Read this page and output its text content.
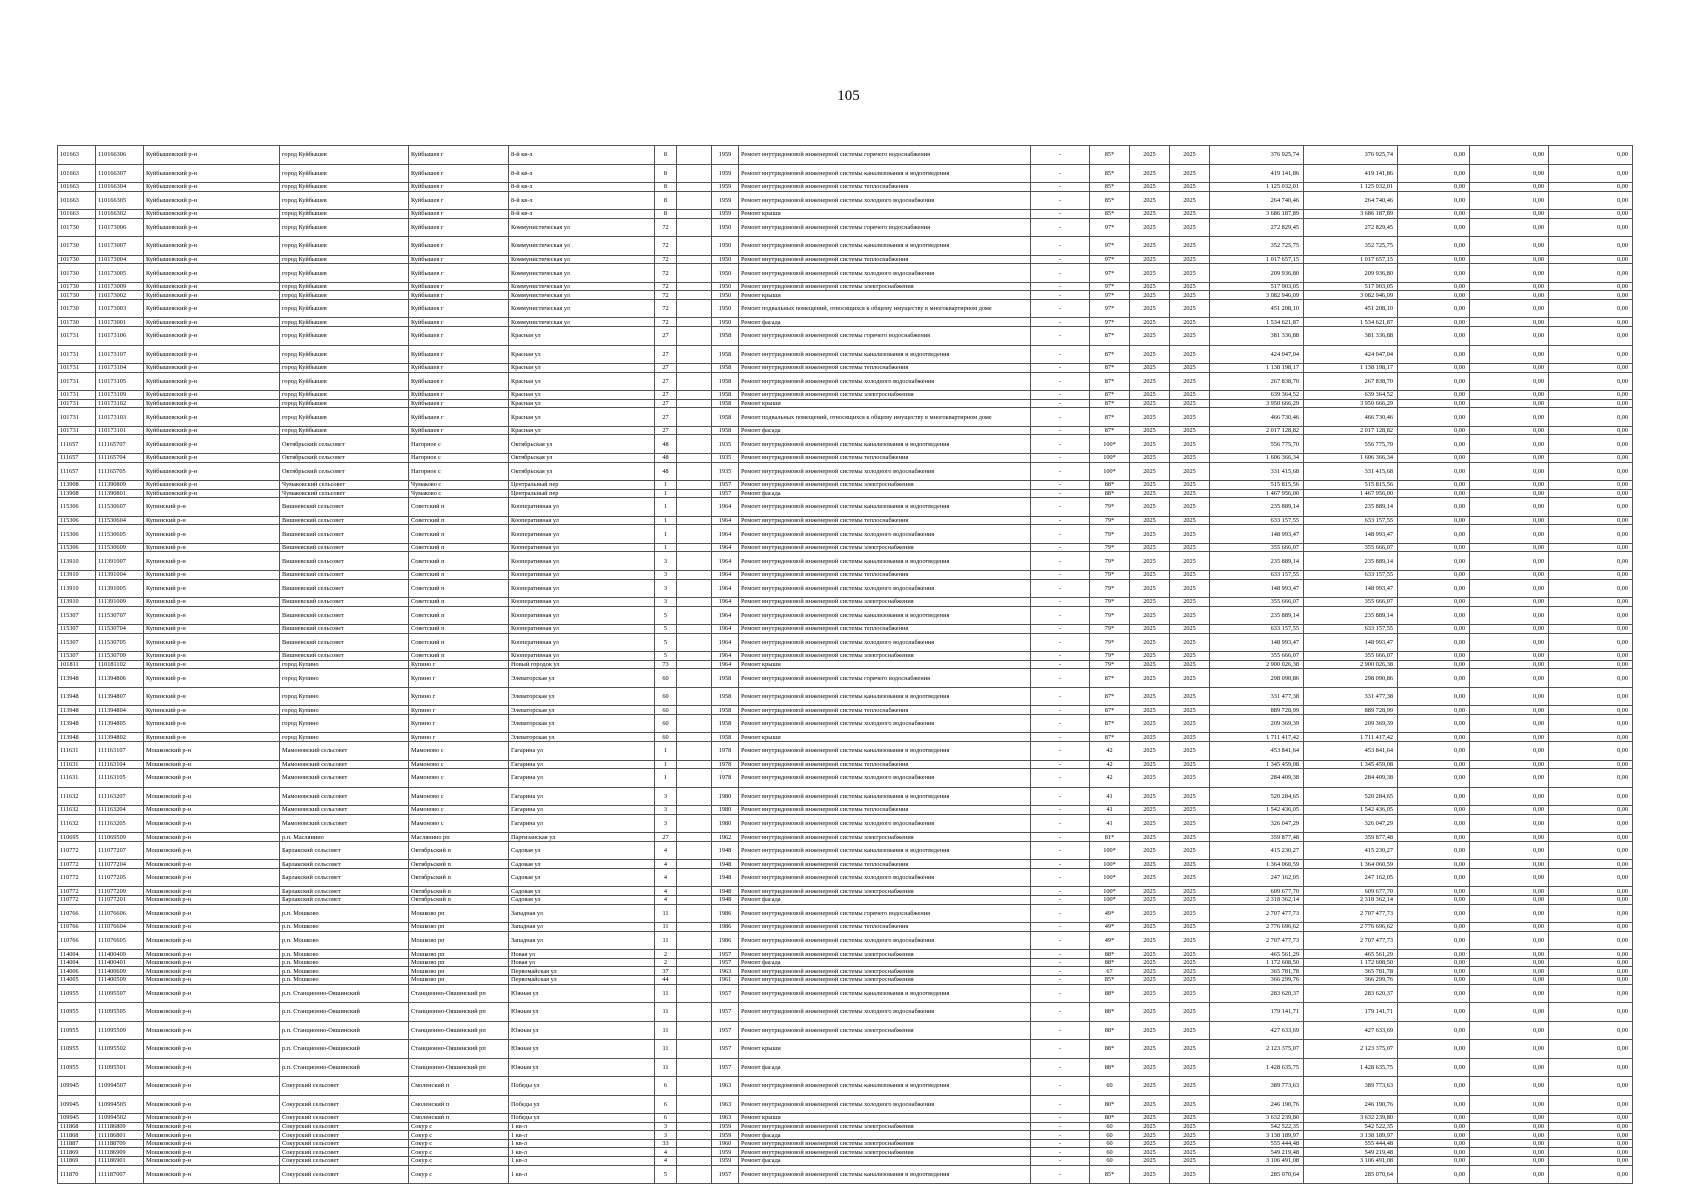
105
101663	110166306	Куйбышевский р-н	город Куйбышев	Куйбышев г	8-й кв-л	8		1959	Ремонт внутридомовой инженерной системы горячего водоснабжения	-	85*	2025	2025	376 925,74	376 925,74	0,00	0,00	0,00
101663	110166307	Куйбышевский р-н	город Куйбышев	Куйбышев г	8-й кв-л	8		1959	Ремонт внутридомовой инженерной системы канализования и водоотведения	-	85*	2025	2025	419 141,86	419 141,86	0,00	0,00	0,00
101663	110166304	Куйбышевский р-н	город Куйбышев	Куйбышев г	8-й кв-л	8		1959	Ремонт внутридомовой инженерной системы теплоснабжения	-	85*	2025	2025	1 125 032,01	1 125 032,01	0,00	0,00	0,00
101663	110166305	Куйбышевский р-н	город Куйбышев	Куйбышев г	8-й кв-л	8		1959	Ремонт внутридомовой инженерной системы холодного водоснабжения	-	85*	2025	2025	264 740,46	264 740,46	0,00	0,00	0,00
101663	110166302	Куйбышевский р-н	город Куйбышев	Куйбышев г	8-й кв-л	8		1959	Ремонт крыши	-	85*	2025	2025	3 686 187,89	3 686 187,89	0,00	0,00	0,00
101730	110173006	Куйбышевский р-н	город Куйбышев	Куйбышев г	Коммунистическая ул	72		1950	Ремонт внутридомовой инженерной системы горячего водоснабжения	-	97*	2025	2025	272 829,45	272 829,45	0,00	0,00	0,00
101730	110173007	Куйбышевский р-н	город Куйбышев	Куйбышев г	Коммунистическая ул	72		1950	Ремонт внутридомовой инженерной системы канализования и водоотведения	-	97*	2025	2025	352 725,75	352 725,75	0,00	0,00	0,00
101730	110173004	Куйбышевский р-н	город Куйбышев	Куйбышев г	Коммунистическая ул	72		1950	Ремонт внутридомовой инженерной системы теплоснабжения	-	97*	2025	2025	1 017 657,15	1 017 657,15	0,00	0,00	0,00
101730	110173005	Куйбышевский р-н	город Куйбышев	Куйбышев г	Коммунистическая ул	72		1950	Ремонт внутридомовой инженерной системы холодного водоснабжения	-	97*	2025	2025	209 936,80	209 936,80	0,00	0,00	0,00
101730	110173009	Куйбышевский р-н	город Куйбышев	Куйбышев г	Коммунистическая ул	72		1950	Ремонт внутридомовой инженерной системы электроснабжения	-	97*	2025	2025	517 903,05	517 903,05	0,00	0,00	0,00
101730	110173002	Куйбышевский р-н	город Куйбышев	Куйбышев г	Коммунистическая ул	72		1950	Ремонт крыши	-	97*	2025	2025	3 082 946,09	3 082 946,09	0,00	0,00	0,00
101730	110173003	Куйбышевский р-н	город Куйбышев	Куйбышев г	Коммунистическая ул	72		1950	Ремонт подвальных помещений, относящихся к общему имуществу в многоквартирном доме	-	97*	2025	2025	451 208,10	451 208,10	0,00	0,00	0,00
101730	110173001	Куйбышевский р-н	город Куйбышев	Куйбышев г	Коммунистическая ул	72		1950	Ремонт фасада	-	97*	2025	2025	1 534 621,87	1 534 621,87	0,00	0,00	0,00
101731	110173106	Куйбышевский р-н	город Куйбышев	Куйбышев г	Красная ул	27		1958	Ремонт внутридомовой инженерной системы горячего водоснабжения	-	87*	2025	2025	381 336,88	381 336,88	0,00	0,00	0,00
101731	110173107	Куйбышевский р-н	город Куйбышев	Куйбышев г	Красная ул	27		1958	Ремонт внутридомовой инженерной системы канализования и водоотведения	-	87*	2025	2025	424 047,04	424 047,04	0,00	0,00	0,00
101731	110173104	Куйбышевский р-н	город Куйбышев	Куйбышев г	Красная ул	27		1958	Ремонт внутридомовой инженерной системы теплоснабжения	-	87*	2025	2025	1 138 198,17	1 138 198,17	0,00	0,00	0,00
101731	110173105	Куйбышевский р-н	город Куйбышев	Куйбышев г	Красная ул	27		1958	Ремонт внутридомовой инженерной системы холодного водоснабжения	-	87*	2025	2025	267 838,70	267 838,70	0,00	0,00	0,00
101731	110173109	Куйбышевский р-н	город Куйбышев	Куйбышев г	Красная ул	27		1958	Ремонт внутридомовой инженерной системы электроснабжения	-	87*	2025	2025	639 364,52	639 364,52	0,00	0,00	0,00
101731	110173102	Куйбышевский р-н	город Куйбышев	Куйбышев г	Красная ул	27		1958	Ремонт крыши	-	87*	2025	2025	3 950 666,29	3 950 666,29	0,00	0,00	0,00
101731	110173103	Куйбышевский р-н	город Куйбышев	Куйбышев г	Красная ул	27		1958	Ремонт подвальных помещений, относящихся к общему имуществу в многоквартирном доме	-	87*	2025	2025	466 730,46	466 730,46	0,00	0,00	0,00
101731	110173101	Куйбышевский р-н	город Куйбышев	Куйбышев г	Красная ул	27		1958	Ремонт фасада	-	87*	2025	2025	2 017 128,82	2 017 128,82	0,00	0,00	0,00
111657	111165707	Куйбышевский р-н	Октябрьский сельсовет	Нагорное с	Октябрьская ул	48		1935	Ремонт внутридомовой инженерной системы канализования и водоотведения	-	100*	2025	2025	556 775,70	556 775,70	0,00	0,00	0,00
111657	111165704	Куйбышевский р-н	Октябрьский сельсовет	Нагорное с	Октябрьская ул	48		1935	Ремонт внутридомовой инженерной системы теплоснабжения	-	100*	2025	2025	1 606 366,34	1 606 366,34	0,00	0,00	0,00
111657	111165705	Куйбышевский р-н	Октябрьский сельсовет	Нагорное с	Октябрьская ул	48		1935	Ремонт внутридомовой инженерной системы холодного водоснабжения	-	100*	2025	2025	331 415,68	331 415,68	0,00	0,00	0,00
113908	111390809	Куйбышевский р-н	Чумаковский сельсовет	Чумаково с	Центральный пер	1		1957	Ремонт внутридомовой инженерной системы электроснабжения	-	88*	2025	2025	515 815,56	515 815,56	0,00	0,00	0,00
113908	111390801	Куйбышевский р-н	Чумаковский сельсовет	Чумаково с	Центральный пер	1		1957	Ремонт фасада	-	88*	2025	2025	1 467 956,00	1 467 956,00	0,00	0,00	0,00
115306	111530607	Купинский р-н	Вишневский сельсовет	Советский п	Кооперативная ул	1		1964	Ремонт внутридомовой инженерной системы канализования и водоотведения	-	79*	2025	2025	235 889,14	235 889,14	0,00	0,00	0,00
115306	111530604	Купинский р-н	Вишневский сельсовет	Советский п	Кооперативная ул	1		1964	Ремонт внутридомовой инженерной системы теплоснабжения	-	79*	2025	2025	633 157,55	633 157,55	0,00	0,00	0,00
115306	111530605	Купинский р-н	Вишневский сельсовет	Советский п	Кооперативная ул	1		1964	Ремонт внутридомовой инженерной системы холодного водоснабжения	-	79*	2025	2025	148 993,47	148 993,47	0,00	0,00	0,00
115306	111530609	Купинский р-н	Вишневский сельсовет	Советский п	Кооперативная ул	1		1964	Ремонт внутридомовой инженерной системы электроснабжения	-	79*	2025	2025	355 666,07	355 666,07	0,00	0,00	0,00
113910	111391007	Купинский р-н	Вишневский сельсовет	Советский п	Кооперативная ул	3		1964	Ремонт внутридомовой инженерной системы канализования и водоотведения	-	79*	2025	2025	235 889,14	235 889,14	0,00	0,00	0,00
113910	111391004	Купинский р-н	Вишневский сельсовет	Советский п	Кооперативная ул	3		1964	Ремонт внутридомовой инженерной системы теплоснабжения	-	79*	2025	2025	633 157,55	633 157,55	0,00	0,00	0,00
113910	111391005	Купинский р-н	Вишневский сельсовет	Советский п	Кооперативная ул	3		1964	Ремонт внутридомовой инженерной системы холодного водоснабжения	-	79*	2025	2025	148 993,47	148 993,47	0,00	0,00	0,00
113910	111391009	Купинский р-н	Вишневский сельсовет	Советский п	Кооперативная ул	3		1964	Ремонт внутридомовой инженерной системы электроснабжения	-	79*	2025	2025	355 666,07	355 666,07	0,00	0,00	0,00
115307	111530707	Купинский р-н	Вишневский сельсовет	Советский п	Кооперативная ул	5		1964	Ремонт внутридомовой инженерной системы канализования и водоотведения	-	79*	2025	2025	235 889,14	235 889,14	0,00	0,00	0,00
115307	111530704	Купинский р-н	Вишневский сельсовет	Советский п	Кооперативная ул	5		1964	Ремонт внутридомовой инженерной системы теплоснабжения	-	79*	2025	2025	633 157,55	633 157,55	0,00	0,00	0,00
115307	111530705	Купинский р-н	Вишневский сельсовет	Советский п	Кооперативная ул	5		1964	Ремонт внутридомовой инженерной системы холодного водоснабжения	-	79*	2025	2025	148 993,47	148 993,47	0,00	0,00	0,00
115307	111530709	Купинский р-н	Вишневский сельсовет	Советский п	Кооперативная ул	5		1964	Ремонт внутридомовой инженерной системы электроснабжения	-	79*	2025	2025	355 666,07	355 666,07	0,00	0,00	0,00
101811	110181102	Купинский р-н	город Купино	Купино г	Новый городок ул	73		1964	Ремонт крыши	-	79*	2025	2025	2 900 026,38	2 900 026,38	0,00	0,00	0,00
113948	111394806	Купинский р-н	город Купино	Купино г	Элеваторская ул	60		1958	Ремонт внутридомовой инженерной системы горячего водоснабжения	-	87*	2025	2025	298 090,86	298 090,86	0,00	0,00	0,00
113948	111394807	Купинский р-н	город Купино	Купино г	Элеваторская ул	60		1958	Ремонт внутридомовой инженерной системы канализования и водоотведения	-	87*	2025	2025	331 477,38	331 477,38	0,00	0,00	0,00
113948	111394804	Купинский р-н	город Купино	Купино г	Элеваторская ул	60		1958	Ремонт внутридомовой инженерной системы теплоснабжения	-	87*	2025	2025	889 728,99	889 728,99	0,00	0,00	0,00
113948	111394805	Купинский р-н	город Купино	Купино г	Элеваторская ул	60		1958	Ремонт внутридомовой инженерной системы холодного водоснабжения	-	87*	2025	2025	209 369,39	209 369,39	0,00	0,00	0,00
113948	111394802	Купинский р-н	город Купино	Купино г	Элеваторская ул	60		1958	Ремонт крыши	-	87*	2025	2025	1 711 417,42	1 711 417,42	0,00	0,00	0,00
111631	111163107	Мошковский р-н	Мамоновский сельсовет	Мамоново с	Гагарина ул	1		1978	Ремонт внутридомовой инженерной системы канализования и водоотведения	-	42	2025	2025	453 841,64	453 841,64	0,00	0,00	0,00
111631	111163104	Мошковский р-н	Мамоновский сельсовет	Мамоново с	Гагарина ул	1		1978	Ремонт внутридомовой инженерной системы теплоснабжения	-	42	2025	2025	1 345 459,08	1 345 459,08	0,00	0,00	0,00
111631	111163105	Мошковский р-н	Мамоновский сельсовет	Мамоново с	Гагарина ул	1		1978	Ремонт внутридомовой инженерной системы холодного водоснабжения	-	42	2025	2025	284 409,38	284 409,38	0,00	0,00	0,00
111632	111163207	Мошковский р-н	Мамоновский сельсовет	Мамоново с	Гагарина ул	3		1980	Ремонт внутридомовой инженерной системы канализования и водоотведения	-	41	2025	2025	520 284,65	520 284,65	0,00	0,00	0,00
111632	111163204	Мошковский р-н	Мамоновский сельсовет	Мамоново с	Гагарина ул	3		1980	Ремонт внутридомовой инженерной системы теплоснабжения	-	41	2025	2025	1 542 436,05	1 542 436,05	0,00	0,00	0,00
111632	111163205	Мошковский р-н	Мамоновский сельсовет	Мамоново с	Гагарина ул	3		1980	Ремонт внутридомовой инженерной системы холодного водоснабжения	-	41	2025	2025	326 047,29	326 047,29	0,00	0,00	0,00
110695	111069509	Мошковский р-н	р.п. Маслянино	Маслянино рп	Партизанская ул	27		1962	Ремонт внутридомовой инженерной системы электроснабжения	-	81*	2025	2025	359 877,48	359 877,48	0,00	0,00	0,00
110772	111077207	Мошковский р-н	Барлакский сельсовет	Октябрьский п	Садовая ул	4		1948	Ремонт внутридомовой инженерной системы канализования и водоотведения	-	100*	2025	2025	415 230,27	415 230,27	0,00	0,00	0,00
110772	111077204	Мошковский р-н	Барлакский сельсовет	Октябрьский п	Садовая ул	4		1948	Ремонт внутридомовой инженерной системы теплоснабжения	-	100*	2025	2025	1 364 060,59	1 364 060,59	0,00	0,00	0,00
110772	111077205	Мошковский р-н	Барлакский сельсовет	Октябрьский п	Садовая ул	4		1948	Ремонт внутридомовой инженерной системы холодного водоснабжения	-	100*	2025	2025	247 162,05	247 162,05	0,00	0,00	0,00
110772	111077209	Мошковский р-н	Барлакский сельсовет	Октябрьский п	Садовая ул	4		1948	Ремонт внутридомовой инженерной системы электроснабжения	-	100*	2025	2025	609 677,70	609 677,70	0,00	0,00	0,00
110772	111077201	Мошковский р-н	Барлакский сельсовет	Октябрьский п	Садовая ул	4		1948	Ремонт фасада	-	100*	2025	2025	2 318 362,14	2 318 362,14	0,00	0,00	0,00
110766	111076606	Мошковский р-н	р.п. Мошково	Мошково рп	Западная ул	11		1986	Ремонт внутридомовой инженерной системы горячего водоснабжения	-	49*	2025	2025	2 707 477,73	2 707 477,73	0,00	0,00	0,00
110766	111076604	Мошковский р-н	р.п. Мошково	Мошково рп	Западная ул	11		1986	Ремонт внутридомовой инженерной системы теплоснабжения	-	49*	2025	2025	2 776 696,62	2 776 696,62	0,00	0,00	0,00
110766	111076605	Мошковский р-н	р.п. Мошково	Мошково рп	Западная ул	11		1986	Ремонт внутридомовой инженерной системы холодного водоснабжения	-	49*	2025	2025	2 707 477,73	2 707 477,73	0,00	0,00	0,00
114004	111400409	Мошковский р-н	р.п. Мошково	Мошково рп	Новая ул	2		1957	Ремонт внутридомовой инженерной системы электроснабжения	-	88*	2025	2025	465 561,29	465 561,29	0,00	0,00	0,00
114004	111400401	Мошковский р-н	р.п. Мошково	Мошково рп	Новая ул	2		1957	Ремонт фасада	-	88*	2025	2025	1 172 608,50	1 172 608,50	0,00	0,00	0,00
114006	111400609	Мошковский р-н	р.п. Мошково	Мошково рп	Первомайская ул	37		1963	Ремонт внутридомовой инженерной системы электроснабжения	-	67	2025	2025	365 781,78	365 781,78	0,00	0,00	0,00
114005	111400509	Мошковский р-н	р.п. Мошково	Мошково рп	Первомайская ул	44		1961	Ремонт внутридомовой инженерной системы электроснабжения	-	85*	2025	2025	366 299,76	366 299,76	0,00	0,00	0,00
110955	111095507	Мошковский р-н	р.п. Станционно-Ояшинский	Станционно-Ояшинский рп	Южная ул	11		1957	Ремонт внутридомовой инженерной системы канализования и водоотведения	-	88*	2025	2025	283 620,37	283 620,37	0,00	0,00	0,00
110955	111095505	Мошковский р-н	р.п. Станционно-Ояшинский	Станционно-Ояшинский рп	Южная ул	11		1957	Ремонт внутридомовой инженерной системы холодного водоснабжения	-	88*	2025	2025	179 141,71	179 141,71	0,00	0,00	0,00
110955	111095509	Мошковский р-н	р.п. Станционно-Ояшинский	Станционно-Ояшинский рп	Южная ул	11		1957	Ремонт внутридомовой инженерной системы электроснабжения	-	88*	2025	2025	427 633,69	427 633,69	0,00	0,00	0,00
110955	111095502	Мошковский р-н	р.п. Станционно-Ояшинский	Станционно-Ояшинский рп	Южная ул	11		1957	Ремонт крыши	-	88*	2025	2025	2 123 375,07	2 123 375,07	0,00	0,00	0,00
110955	111095501	Мошковский р-н	р.п. Станционно-Ояшинский	Станционно-Ояшинский рп	Южная ул	11		1957	Ремонт фасада	-	88*	2025	2025	1 428 635,75	1 428 635,75	0,00	0,00	0,00
109945	110994507	Мошковский р-н	Сокурский сельсовет	Смоленский п	Победы ул	6		1963	Ремонт внутридомовой инженерной системы канализования и водоотведения	-	60	2025	2025	389 773,63	389 773,63	0,00	0,00	0,00
109945	110994505	Мошковский р-н	Сокурский сельсовет	Смоленский п	Победы ул	6		1963	Ремонт внутридомовой инженерной системы холодного водоснабжения	-	80*	2025	2025	246 190,76	246 190,76	0,00	0,00	0,00
109945	110994502	Мошковский р-н	Сокурский сельсовет	Смоленский п	Победы ул	6		1963	Ремонт крыши	-	80*	2025	2025	3 632 239,80	3 632 239,80	0,00	0,00	0,00
111868	111186809	Мошковский р-н	Сокурский сельсовет	Сокур с	1 кв-л	3		1959	Ремонт внутридомовой инженерной системы электроснабжения	-	60	2025	2025	542 522,35	542 522,35	0,00	0,00	0,00
111868	111186801	Мошковский р-н	Сокурский сельсовет	Сокур с	1 кв-л	3		1959	Ремонт фасада	-	60	2025	2025	3 138 189,97	3 138 189,97	0,00	0,00	0,00
111887	111188709	Мошковский р-н	Сокурский сельсовет	Сокур с	1 кв-л	33		1960	Ремонт внутридомовой инженерной системы электроснабжения	-	60	2025	2025	555 444,48	555 444,48	0,00	0,00	0,00
111869	111186909	Мошковский р-н	Сокурский сельсовет	Сокур с	1 кв-л	4		1959	Ремонт внутридомовой инженерной системы электроснабжения	-	60	2025	2025	549 219,48	549 219,48	0,00	0,00	0,00
111869	111186901	Мошковский р-н	Сокурский сельсовет	Сокур с	1 кв-л	4		1959	Ремонт фасада	-	60	2025	2025	3 106 491,08	3 106 491,08	0,00	0,00	0,00
111870	111187007	Мошковский р-н	Сокурский сельсовет	Сокур с	1 кв-л	5		1957	Ремонт внутридомовой инженерной системы канализования и водоотведения	-	85*	2025	2025	285 070,64	285 070,64	0,00	0,00	0,00
